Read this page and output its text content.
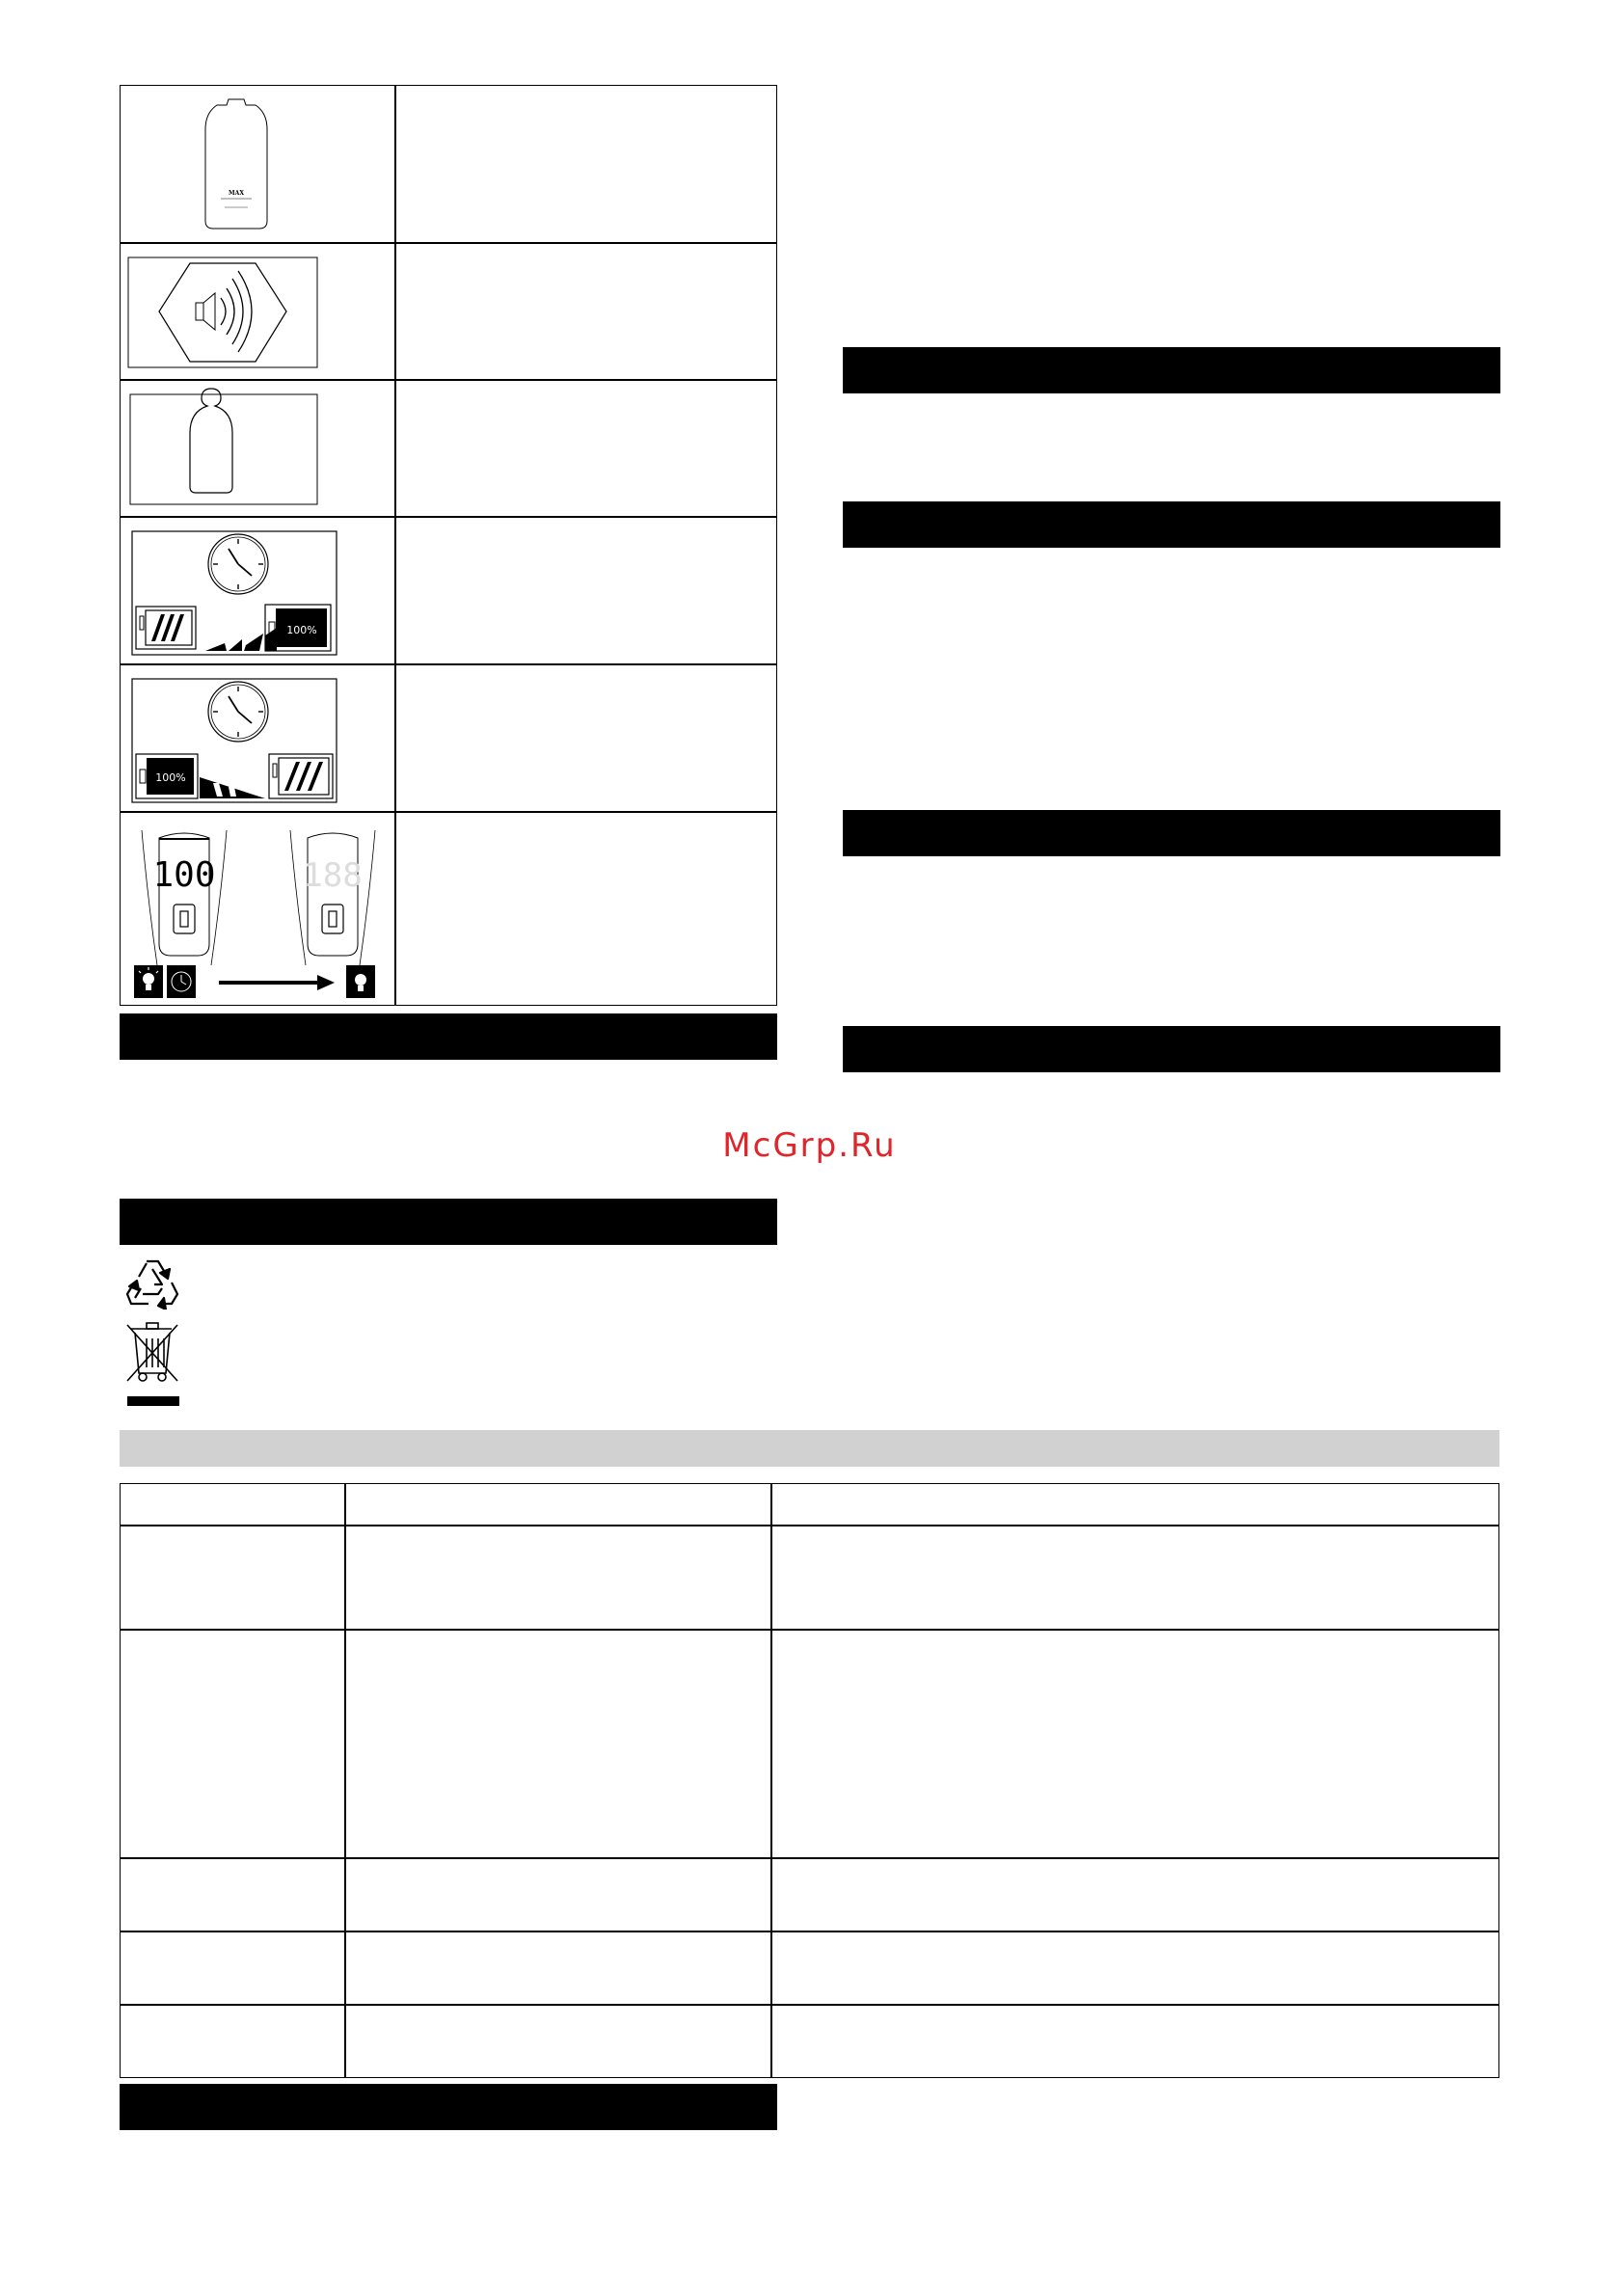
MAX
100%
100%
100	188
McGrp.Ru
